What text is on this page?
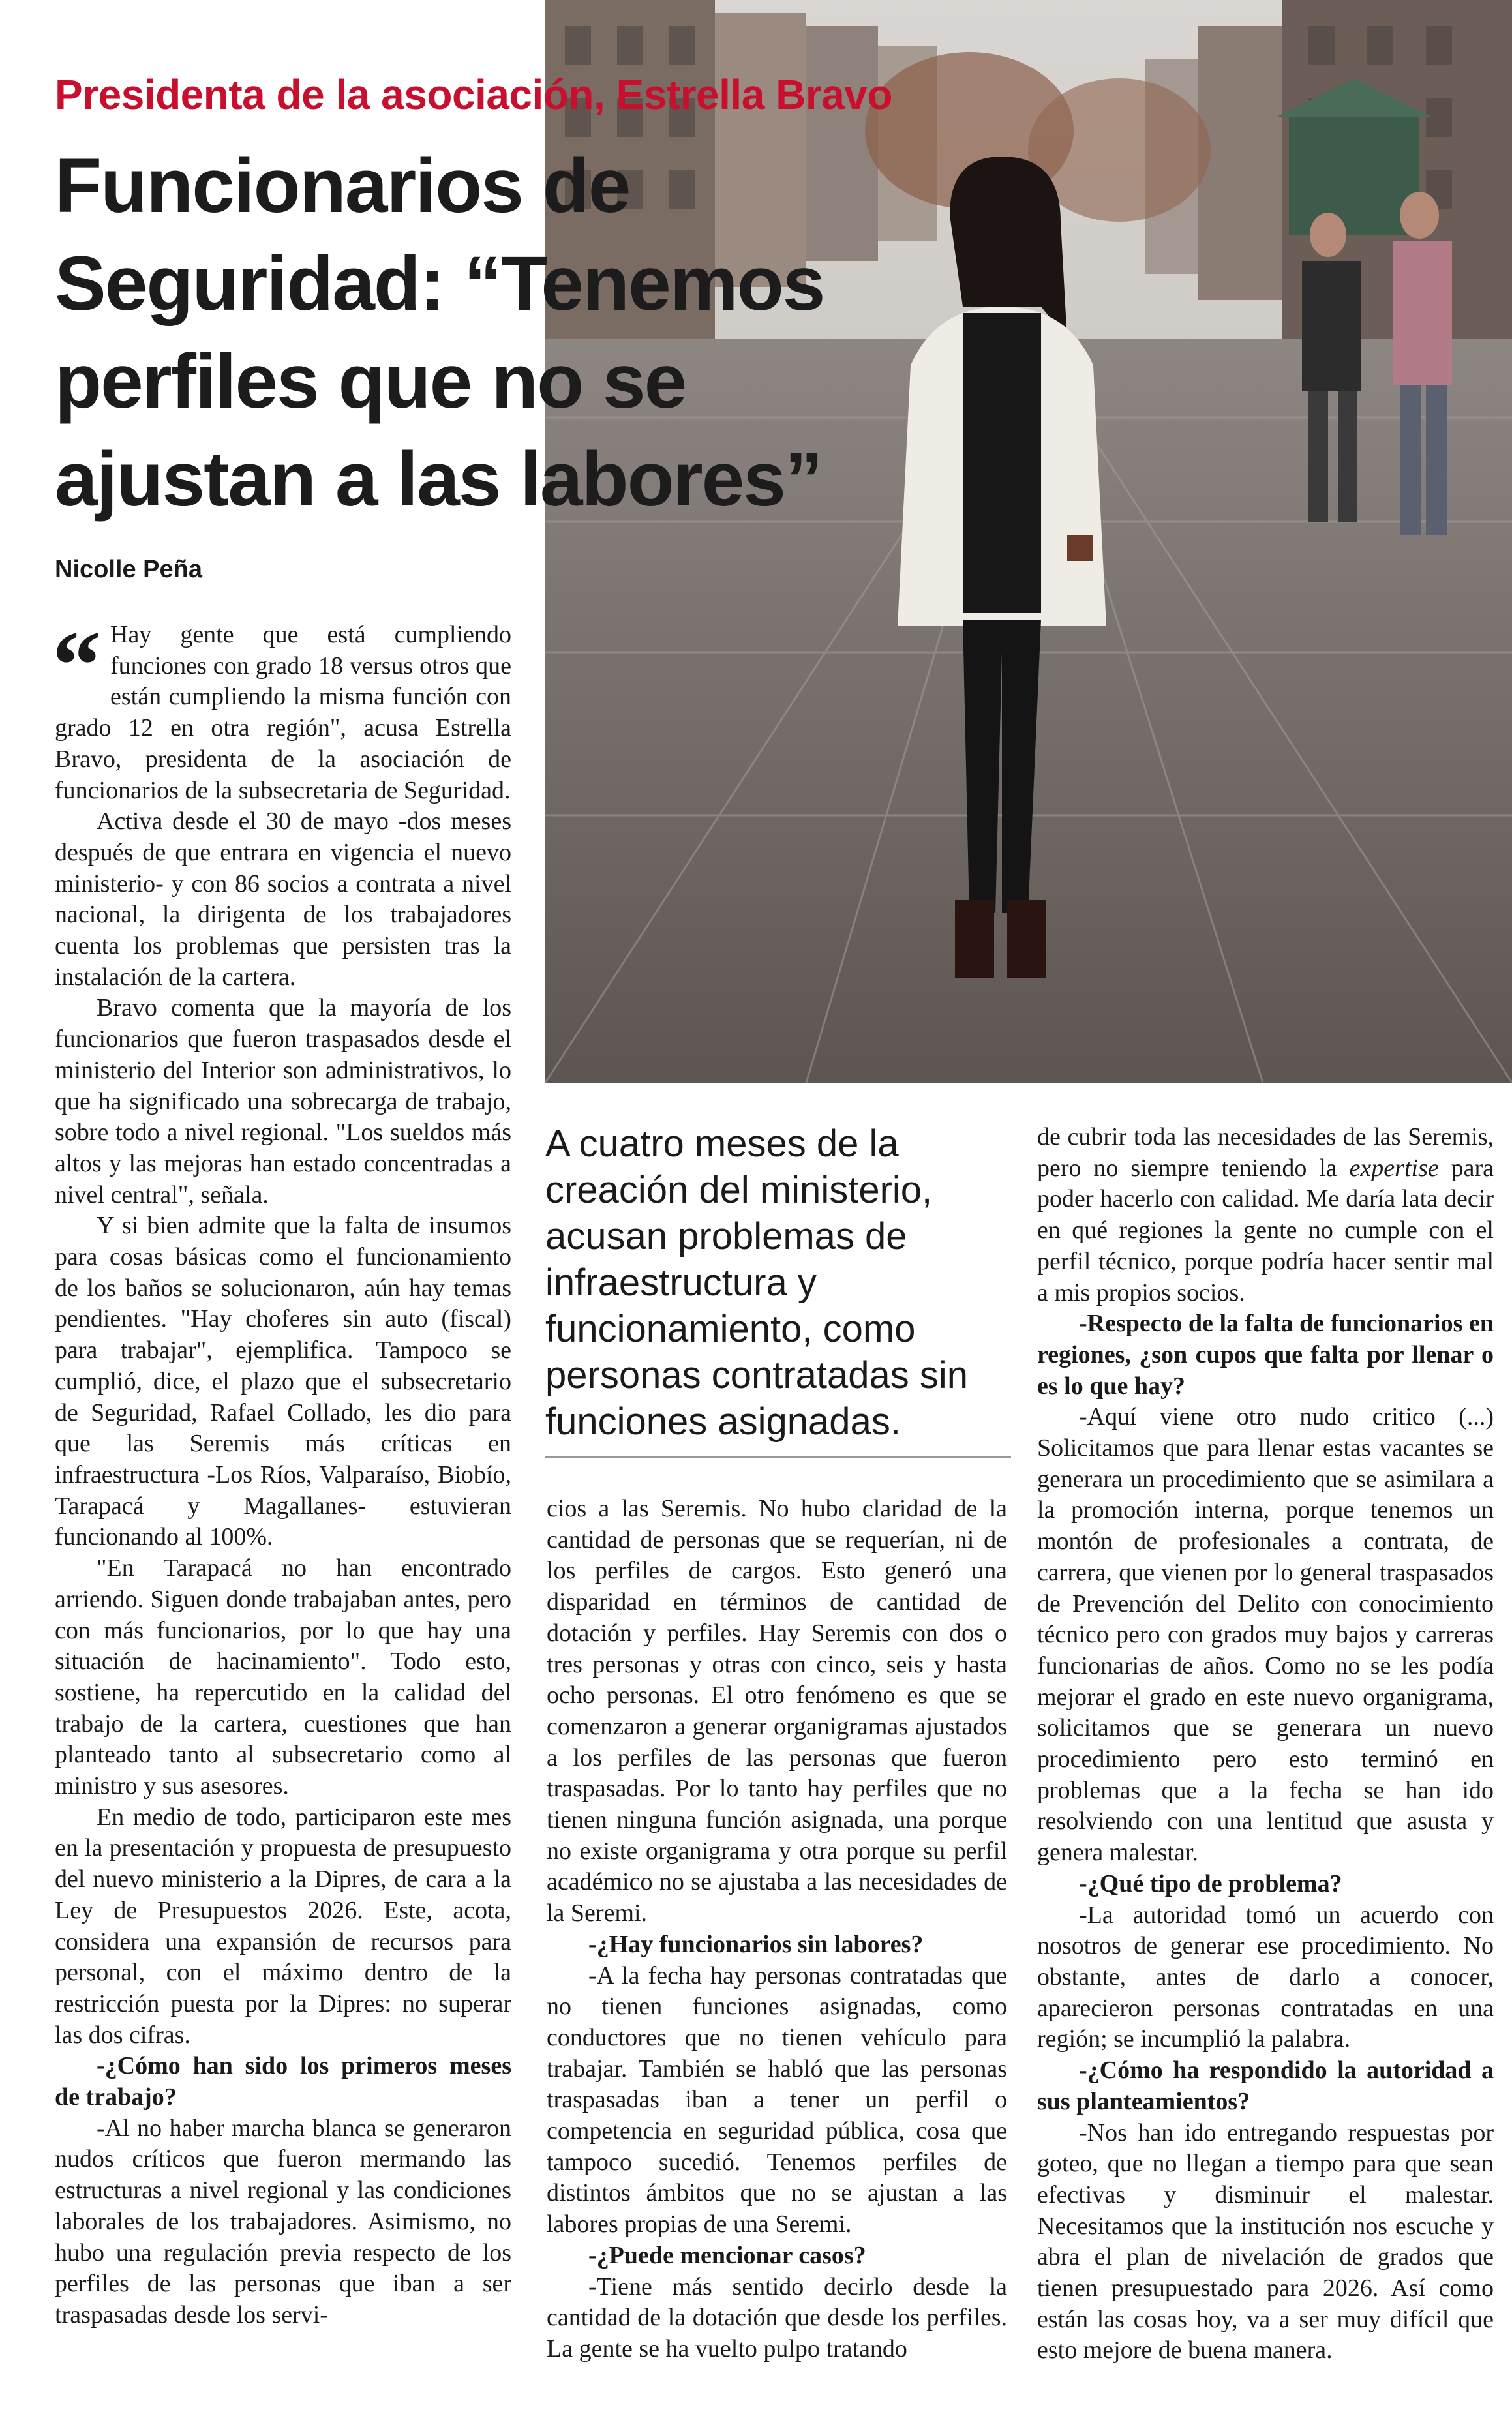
Presidenta de la asociación, Estrella Bravo
Funcionarios de
Seguridad: “Tenemos
perfiles que no se
ajustan a las labores”
Nicolle Peña
“ Hay gente que está cumpliendo funciones con grado 18 versus otros que están cumpliendo la misma función con grado 12 en otra región", acusa Estrella Bravo, presidenta de la asociación de funcionarios de la subsecretaria de Seguridad.

Activa desde el 30 de mayo -dos meses después de que entrara en vigencia el nuevo ministerio- y con 86 socios a contrata a nivel nacional, la dirigenta de los trabajadores cuenta los problemas que persisten tras la instalación de la cartera.

Bravo comenta que la mayoría de los funcionarios que fueron traspasados desde el ministerio del Interior son administrativos, lo que ha significado una sobrecarga de trabajo, sobre todo a nivel regional. "Los sueldos más altos y las mejoras han estado concentradas a nivel central", señala.

Y si bien admite que la falta de insumos para cosas básicas como el funcionamiento de los baños se solucionaron, aún hay temas pendientes. "Hay choferes sin auto (fiscal) para trabajar", ejemplifica. Tampoco se cumplió, dice, el plazo que el subsecretario de Seguridad, Rafael Collado, les dio para que las Seremis más críticas en infraestructura -Los Ríos, Valparaíso, Biobío, Tarapacá y Magallanes- estuvieran funcionando al 100%.

"En Tarapacá no han encontrado arriendo. Siguen donde trabajaban antes, pero con más funcionarios, por lo que hay una situación de hacinamiento". Todo esto, sostiene, ha repercutido en la calidad del trabajo de la cartera, cuestiones que han planteado tanto al subsecretario como al ministro y sus asesores.

En medio de todo, participaron este mes en la presentación y propuesta de presupuesto del nuevo ministerio a la Dipres, de cara a la Ley de Presupuestos 2026. Este, acota, considera una expansión de recursos para personal, con el máximo dentro de la restricción puesta por la Dipres: no superar las dos cifras.

-¿Cómo han sido los primeros meses de trabajo?

-Al no haber marcha blanca se generaron nudos críticos que fueron mermando las estructuras a nivel regional y las condiciones laborales de los trabajadores. Asimismo, no hubo una regulación previa respecto de los perfiles de las personas que iban a ser traspasadas desde los servi-

A cuatro meses de la creación del ministerio, acusan problemas de infraestructura y funcionamiento, como personas contratadas sin funciones asignadas.

cios a las Seremis. No hubo claridad de la cantidad de personas que se requerían, ni de los perfiles de cargos. Esto generó una disparidad en términos de cantidad de dotación y perfiles. Hay Seremis con dos o tres personas y otras con cinco, seis y hasta ocho personas. El otro fenómeno es que se comenzaron a generar organigramas ajustados a los perfiles de las personas que fueron traspasadas. Por lo tanto hay perfiles que no tienen ninguna función asignada, una porque no existe organigrama y otra porque su perfil académico no se ajustaba a las necesidades de la Seremi.

-¿Hay funcionarios sin labores?

-A la fecha hay personas contratadas que no tienen funciones asignadas, como conductores que no tienen vehículo para trabajar. También se habló que las personas traspasadas iban a tener un perfil o competencia en seguridad pública, cosa que tampoco sucedió. Tenemos perfiles de distintos ámbitos que no se ajustan a las labores propias de una Seremi.

-¿Puede mencionar casos?

-Tiene más sentido decirlo desde la cantidad de la dotación que desde los perfiles. La gente se ha vuelto pulpo tratando

de cubrir toda las necesidades de las Seremis, pero no siempre teniendo la expertise para poder hacerlo con calidad. Me daría lata decir en qué regiones la gente no cumple con el perfil técnico, porque podría hacer sentir mal a mis propios socios.

-Respecto de la falta de funcionarios en regiones, ¿son cupos que falta por llenar o es lo que hay?

-Aquí viene otro nudo critico (...) Solicitamos que para llenar estas vacantes se generara un procedimiento que se asimilara a la promoción interna, porque tenemos un montón de profesionales a contrata, de carrera, que vienen por lo general traspasados de Prevención del Delito con conocimiento técnico pero con grados muy bajos y carreras funcionarias de años. Como no se les podía mejorar el grado en este nuevo organigrama, solicitamos que se generara un nuevo procedimiento pero esto terminó en problemas que a la fecha se han ido resolviendo con una lentitud que asusta y genera malestar.

-¿Qué tipo de problema?

-La autoridad tomó un acuerdo con nosotros de generar ese procedimiento. No obstante, antes de darlo a conocer, aparecieron personas contratadas en una región; se incumplió la palabra.

-¿Cómo ha respondido la autoridad a sus planteamientos?

-Nos han ido entregando respuestas por goteo, que no llegan a tiempo para que sean efectivas y disminuir el malestar. Necesitamos que la institución nos escuche y abra el plan de nivelación de grados que tienen presupuestado para 2026. Así como están las cosas hoy, va a ser muy difícil que esto mejore de buena manera.
